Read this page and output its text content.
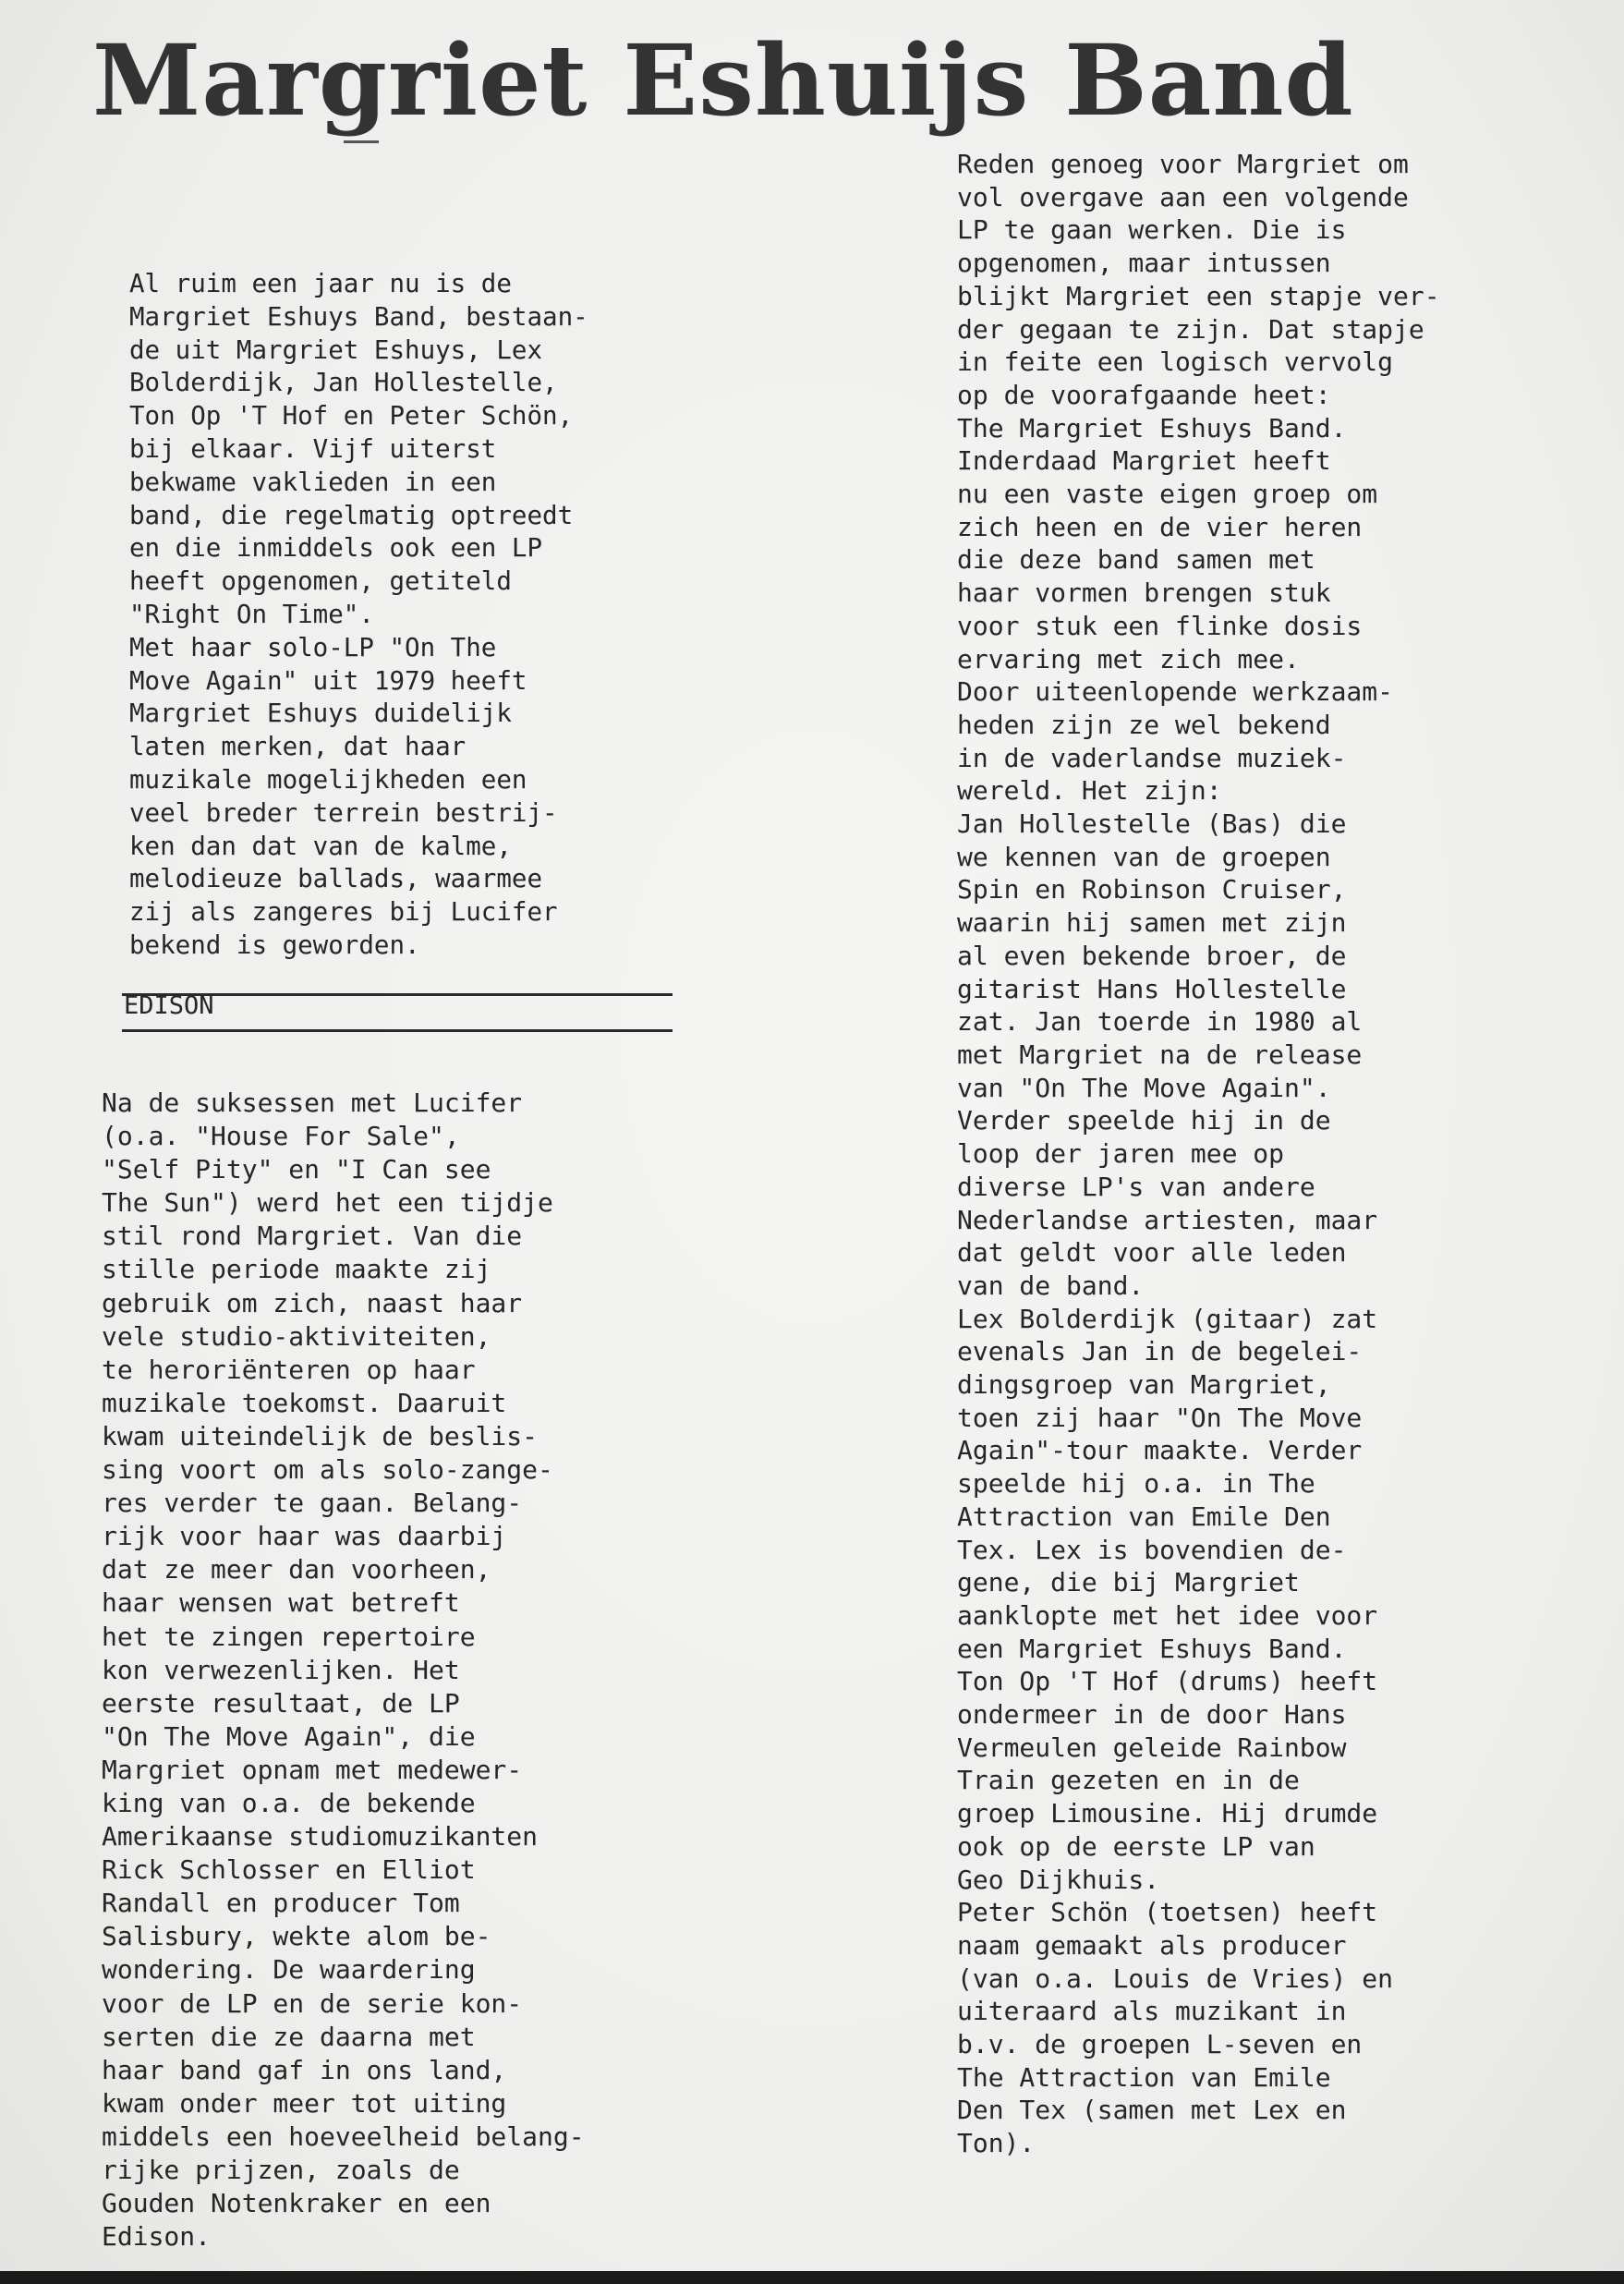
Margriet Eshuijs Band
Al ruim een jaar nu is de
Margriet Eshuys Band, bestaan-
de uit Margriet Eshuys, Lex
Bolderdijk, Jan Hollestelle,
Ton Op 'T Hof en Peter Schön,
bij elkaar. Vijf uiterst
bekwame vaklieden in een
band, die regelmatig optreedt
en die inmiddels ook een LP
heeft opgenomen, getiteld
"Right On Time".
Met haar solo-LP "On The
Move Again" uit 1979 heeft
Margriet Eshuys duidelijk
laten merken, dat haar
muzikale mogelijkheden een
veel breder terrein bestrij-
ken dan dat van de kalme,
melodieuze ballads, waarmee
zij als zangeres bij Lucifer
bekend is geworden.
EDISON
Na de suksessen met Lucifer
(o.a. "House For Sale",
"Self Pity" en "I Can see
The Sun") werd het een tijdje
stil rond Margriet. Van die
stille periode maakte zij
gebruik om zich, naast haar
vele studio-aktiviteiten,
te heroriënteren op haar
muzikale toekomst. Daaruit
kwam uiteindelijk de beslis-
sing voort om als solo-zange-
res verder te gaan. Belang-
rijk voor haar was daarbij
dat ze meer dan voorheen,
haar wensen wat betreft
het te zingen repertoire
kon verwezenlijken. Het
eerste resultaat, de LP
"On The Move Again", die
Margriet opnam met medewer-
king van o.a. de bekende
Amerikaanse studiomuzikanten
Rick Schlosser en Elliot
Randall en producer Tom
Salisbury, wekte alom be-
wondering. De waardering
voor de LP en de serie kon-
serten die ze daarna met
haar band gaf in ons land,
kwam onder meer tot uiting
middels een hoeveelheid belang-
rijke prijzen, zoals de
Gouden Notenkraker en een
Edison.
Reden genoeg voor Margriet om
vol overgave aan een volgende
LP te gaan werken. Die is
opgenomen, maar intussen
blijkt Margriet een stapje ver-
der gegaan te zijn. Dat stapje
in feite een logisch vervolg
op de voorafgaande heet:
The Margriet Eshuys Band.
Inderdaad Margriet heeft
nu een vaste eigen groep om
zich heen en de vier heren
die deze band samen met
haar vormen brengen stuk
voor stuk een flinke dosis
ervaring met zich mee.
Door uiteenlopende werkzaam-
heden zijn ze wel bekend
in de vaderlandse muziek-
wereld. Het zijn:
Jan Hollestelle (Bas) die
we kennen van de groepen
Spin en Robinson Cruiser,
waarin hij samen met zijn
al even bekende broer, de
gitarist Hans Hollestelle
zat. Jan toerde in 1980 al
met Margriet na de release
van "On The Move Again".
Verder speelde hij in de
loop der jaren mee op
diverse LP's van andere
Nederlandse artiesten, maar
dat geldt voor alle leden
van de band.
Lex Bolderdijk (gitaar) zat
evenals Jan in de begelei-
dingsgroep van Margriet,
toen zij haar "On The Move
Again"-tour maakte. Verder
speelde hij o.a. in The
Attraction van Emile Den
Tex. Lex is bovendien de-
gene, die bij Margriet
aanklopte met het idee voor
een Margriet Eshuys Band.
Ton Op 'T Hof (drums) heeft
ondermeer in de door Hans
Vermeulen geleide Rainbow
Train gezeten en in de
groep Limousine. Hij drumde
ook op de eerste LP van
Geo Dijkhuis.
Peter Schön (toetsen) heeft
naam gemaakt als producer
(van o.a. Louis de Vries) en
uiteraard als muzikant in
b.v. de groepen L-seven en
The Attraction van Emile
Den Tex (samen met Lex en
Ton).
